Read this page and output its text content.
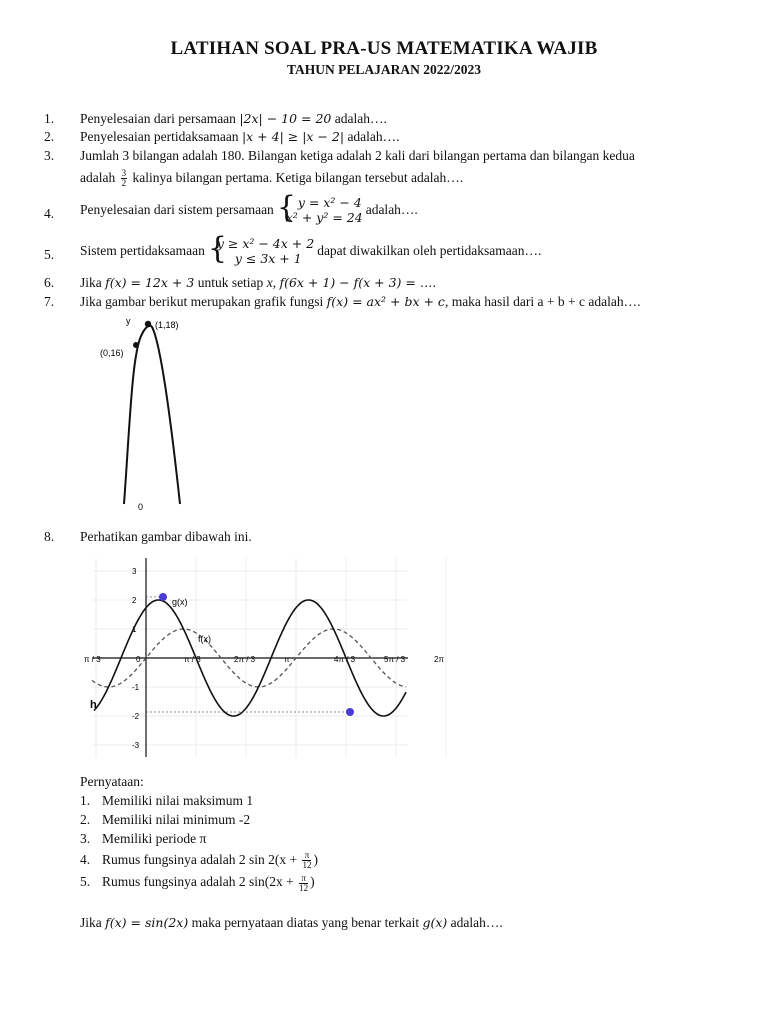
LATIHAN SOAL PRA-US MATEMATIKA WAJIB
TAHUN PELAJARAN 2022/2023
1. Penyelesaian dari persamaan |2x| − 10 = 20 adalah….
2. Penyelesaian pertidaksamaan |x + 4| ≥ |x − 2| adalah….
3. Jumlah 3 bilangan adalah 180. Bilangan ketiga adalah 2 kali dari bilangan pertama dan bilangan kedua
adalah $\frac{3}{2}$ kalinya bilangan pertama. Ketiga bilangan tersebut adalah….
4. Penyelesaian dari sistem persamaan { y = x² − 4
x² + y² = 24
adalah….
5. Sistem pertidaksamaan {
y ≥ x² − 4x + 2
y ≤ 3x + 1
dapat diwakilkan oleh pertidaksamaan….
6. Jika f(x) = 12x + 3 untuk setiap x, f(6x + 1) − f(x + 3) = ….
7. Jika gambar berikut merupakan grafik fungsi f(x) = ax² + bx + c, maka hasil dari a + b + c adalah….
y	(1,18)
(0,16)
0
8. Perhatikan gambar dibawah ini.
3
2
1
-1
-2
-3
π / 3	0	π / 3	2π / 3	π	4π / 3	5π / 3	2π
g(x)
f(x)
h
Pernyataan:
1. Memiliki nilai maksimum 1
2. Memiliki nilai minimum -2
3. Memiliki periode π
4. Rumus fungsinya adalah 2 $\sin 2(x + \frac{\pi}{12}$ )
5. Rumus fungsinya adalah 2 $\sin(2x + \frac{\pi}{12}$ )
Jika f(x) = sin(2x) maka pernyataan diatas yang benar terkait g(x) adalah….
